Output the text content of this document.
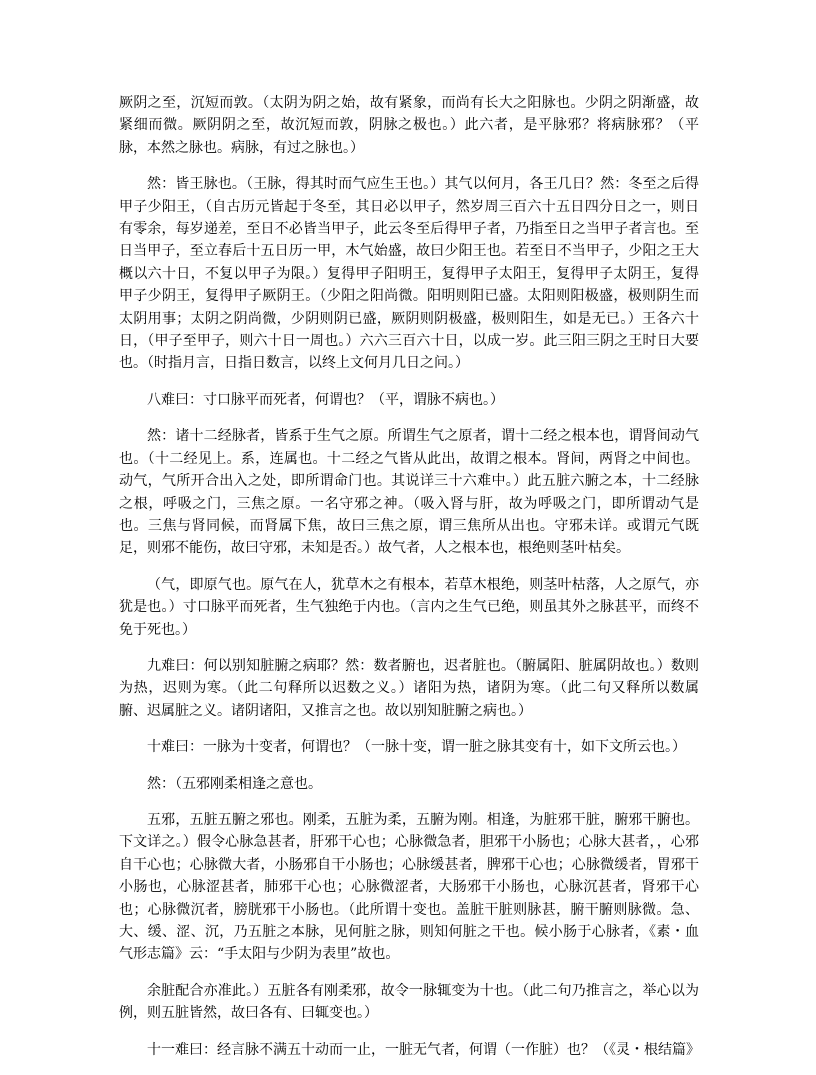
厥阴之至，沉短而敦。（太阴为阴之始，故有紧象，而尚有长大之阳脉也。少阴之阴渐盛，故紧细而微。厥阴阴之至，故沉短而敦，阴脉之极也。）此六者，是平脉邪？将病脉邪？（平脉，本然之脉也。病脉，有过之脉也。）

然：皆王脉也。（王脉，得其时而气应生王也。）其气以何月，各王几日？然：冬至之后得甲子少阳王，（自古历元皆起于冬至，其日必以甲子，然岁周三百六十五日四分日之一，则日有零余，每岁递差，至日不必皆当甲子，此云冬至后得甲子者，乃指至日之当甲子者言也。至日当甲子，至立春后十五日历一甲，木气始盛，故曰少阳王也。若至日不当甲子，少阳之王大概以六十日，不复以甲子为限。）复得甲子阳明王，复得甲子太阳王，复得甲子太阴王，复得甲子少阴王，复得甲子厥阴王。（少阳之阳尚微。阳明则阳已盛。太阳则阳极盛，极则阴生而太阴用事；太阴之阴尚微，少阴则阴已盛，厥阴则阴极盛，极则阳生，如是无已。）王各六十日，（甲子至甲子，则六十日一周也。）六六三百六十日，以成一岁。此三阳三阴之王时日大要也。（时指月言，日指日数言，以终上文何月几日之问。）

八难曰：寸口脉平而死者，何谓也？（平，谓脉不病也。）

然：诸十二经脉者，皆系于生气之原。所谓生气之原者，谓十二经之根本也，谓肾间动气也。（十二经见上。系，连属也。十二经之气皆从此出，故谓之根本。肾间，两肾之中间也。动气，气所开合出入之处，即所谓命门也。其说详三十六难中。）此五脏六腑之本，十二经脉之根，呼吸之门，三焦之原。一名守邪之神。（吸入肾与肝，故为呼吸之门，即所谓动气是也。三焦与肾同候，而肾属下焦，故曰三焦之原，谓三焦所从出也。守邪未详。或谓元气既足，则邪不能伤，故曰守邪，未知是否。）故气者，人之根本也，根绝则茎叶枯矣。

（气，即原气也。原气在人，犹草木之有根本，若草木根绝，则茎叶枯落，人之原气，亦犹是也。）寸口脉平而死者，生气独绝于内也。（言内之生气已绝，则虽其外之脉甚平，而终不免于死也。）

九难曰：何以别知脏腑之病耶？然：数者腑也，迟者脏也。（腑属阳、脏属阴故也。）数则为热，迟则为寒。（此二句释所以迟数之义。）诸阳为热，诸阴为寒。（此二句又释所以数属腑、迟属脏之义。诸阴诸阳，又推言之也。故以别知脏腑之病也。）

十难曰：一脉为十变者，何谓也？（一脉十变，谓一脏之脉其变有十，如下文所云也。）

然：（五邪刚柔相逢之意也。

五邪，五脏五腑之邪也。刚柔，五脏为柔，五腑为刚。相逢，为脏邪干脏，腑邪干腑也。下文详之。）假令心脉急甚者，肝邪干心也；心脉微急者，胆邪干小肠也；心脉大甚者，，心邪自干心也；心脉微大者，小肠邪自干小肠也；心脉缓甚者，脾邪干心也；心脉微缓者，胃邪干小肠也，心脉涩甚者，肺邪干心也；心脉微涩者，大肠邪干小肠也，心脉沉甚者，肾邪干心也；心脉微沉者，膀胱邪干小肠也。（此所谓十变也。盖脏干脏则脉甚，腑干腑则脉微。急、大、缓、涩、沉，乃五脏之本脉，见何脏之脉，则知何脏之干也。候小肠于心脉者，《素・血气形志篇》云：“手太阳与少阴为表里”故也。

余脏配合亦准此。）五脏各有刚柔邪，故令一脉辄变为十也。（此二句乃推言之，举心以为例，则五脏皆然，故曰各有、曰辄变也。）

十一难曰：经言脉不满五十动而一止，一脏无气者，何谓（一作脏）也？（《灵・根结篇》
